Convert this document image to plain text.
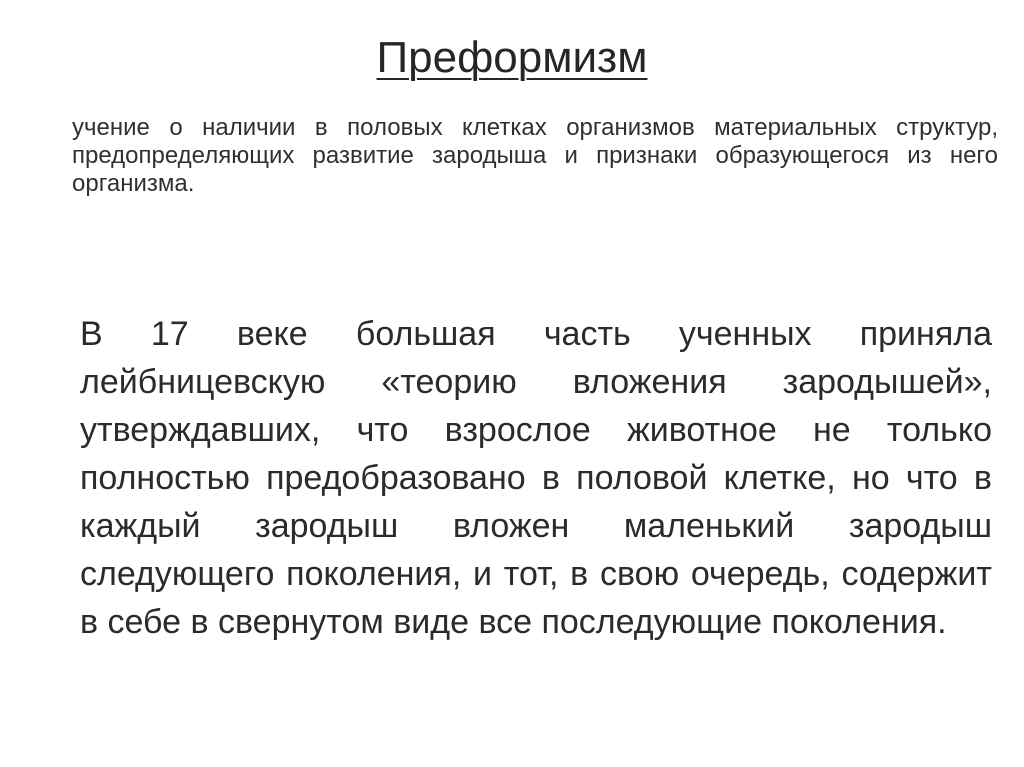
Преформизм
учение о наличии в половых клетках организмов материальных структур, предопределяющих развитие зародыша и признаки образующегося из него организма.
В 17 веке большая часть ученных приняла лейбницевскую «теорию вложения зародышей», утверждавших, что взрослое животное не только полностью предобразовано в половой клетке, но что в каждый зародыш вложен маленький зародыш следующего поколения, и тот, в свою очередь, содержит в себе в свернутом виде все последующие поколения.
